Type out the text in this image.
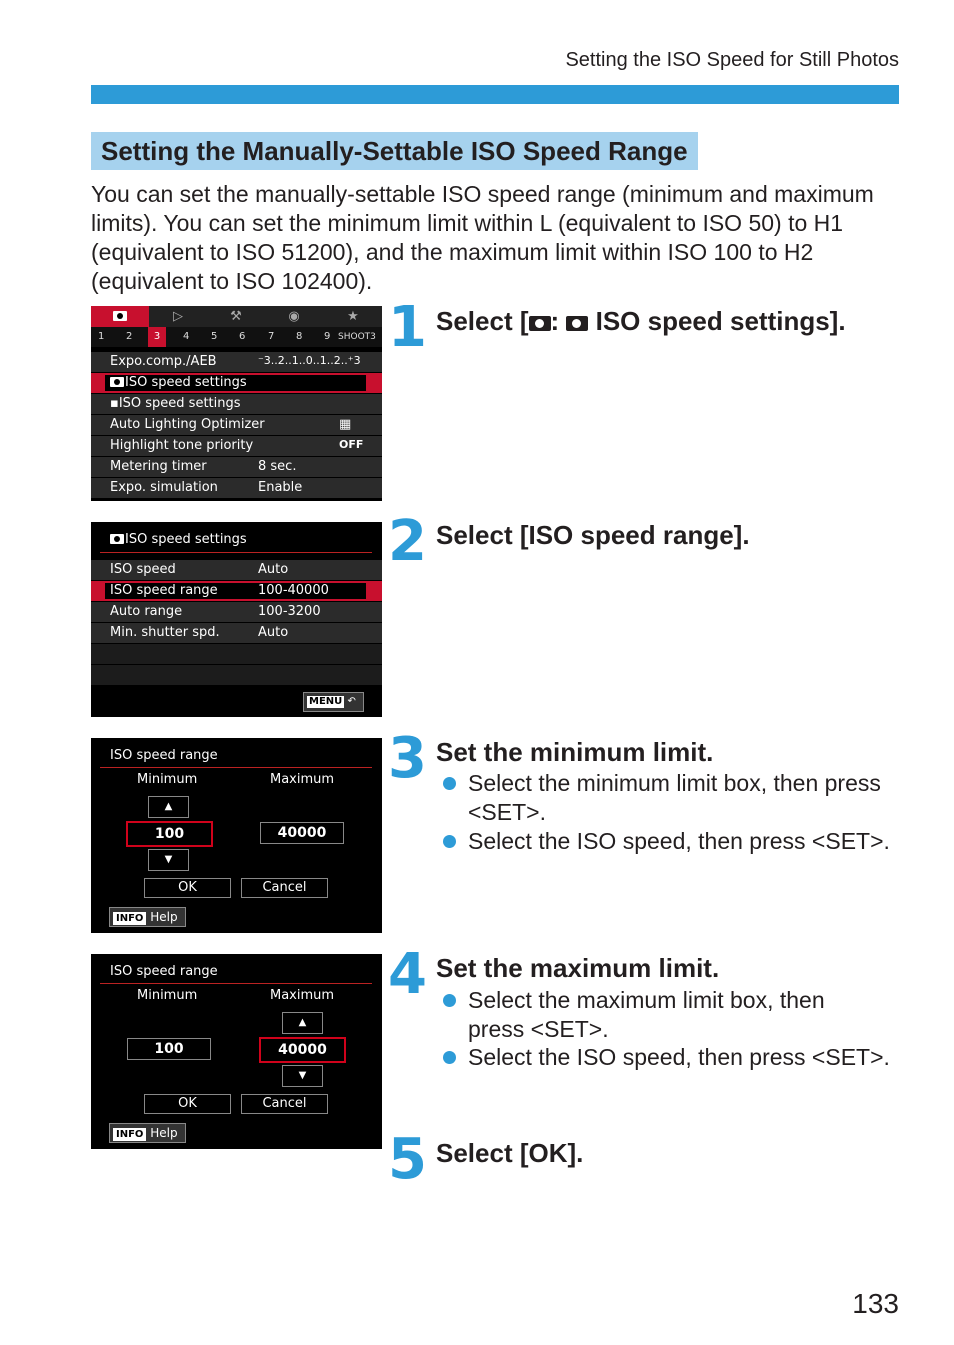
Setting the ISO Speed for Still Photos
Setting the Manually-Settable ISO Speed Range
You can set the manually-settable ISO speed range (minimum and maximum limits). You can set the minimum limit within L (equivalent to ISO 50) to H1 (equivalent to ISO 51200), and the maximum limit within ISO 100 to H2 (equivalent to ISO 102400).
▷	⚒	◉	★
1 2	3	4 5 6 7 8 9 SHOOT3
Expo.comp./AEB	⁻3..2..1..0..1..2..⁺3
ISO speed settings
▪ISO speed settings
Auto Lighting Optimizer	▦
Highlight tone priority	OFF
Metering timer	8 sec.
Expo. simulation	Enable
ISO speed settings
ISO speed	Auto
ISO speed range	100-40000
Auto range	100-3200
Min. shutter spd.	Auto
MENU ↶
ISO speed range
Minimum	Maximum
▲
100	40000
▼
OK	Cancel
INFO Help
ISO speed range
Minimum	Maximum
▲
100	40000
▼
OK	Cancel
INFO Help
1 Select [ :  ISO speed settings].
2 Select [ISO speed range].
3 Set the minimum limit.
Select the minimum limit box, then press <SET>.
Select the ISO speed, then press <SET>.
4 Set the maximum limit.
Select the maximum limit box, then press <SET>.
Select the ISO speed, then press <SET>.
5 Select [OK].
133
